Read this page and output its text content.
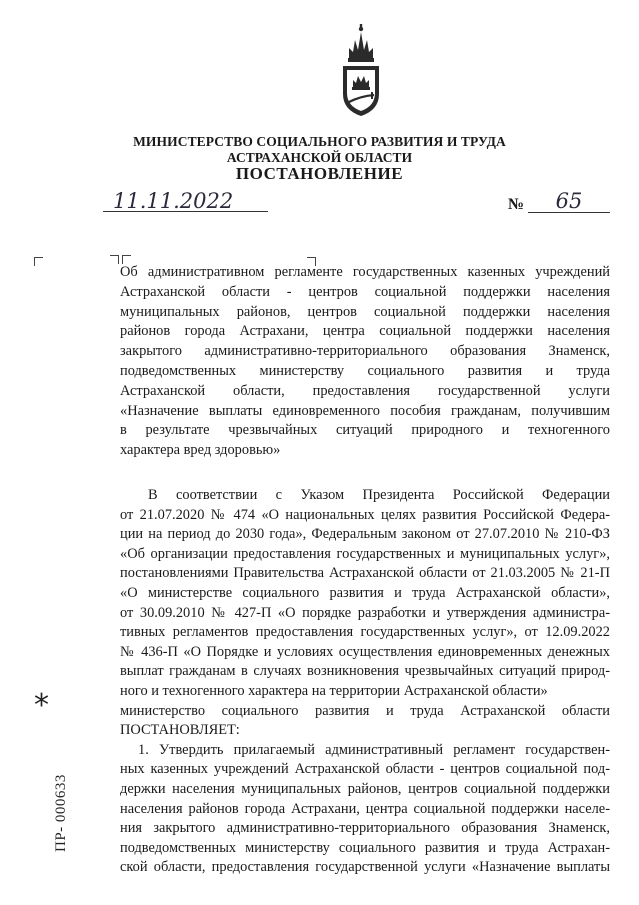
МИНИСТЕРСТВО СОЦИАЛЬНОГО РАЗВИТИЯ И ТРУДА
АСТРАХАНСКОЙ ОБЛАСТИ
ПОСТАНОВЛЕНИЕ
11.11.2022	№	65
Об административном регламенте государственных казенных учреждений
Астраханской области - центров социальной поддержки населения
муниципальных районов, центров социальной поддержки населения
районов города Астрахани, центра социальной поддержки населения
закрытого административно-территориального образования Знаменск,
подведомственных министерству социального развития и труда
Астраханской области, предоставления государственной услуги
«Назначение выплаты единовременного пособия гражданам, получившим
в результате чрезвычайных ситуаций природного и техногенного
характера вред здоровью»
В соответствии с Указом Президента Российской Федерации
от 21.07.2020 № 474 «О национальных целях развития Российской Федера-
ции на период до 2030 года», Федеральным законом от 27.07.2010 № 210-ФЗ
«Об организации предоставления государственных и муниципальных услуг»,
постановлениями Правительства Астраханской области от 21.03.2005 № 21-П
«О министерстве социального развития и труда Астраханской области»,
от 30.09.2010 № 427-П «О порядке разработки и утверждения администра-
тивных регламентов предоставления государственных услуг», от 12.09.2022
№ 436-П «О Порядке и условиях осуществления единовременных денежных
выплат гражданам в случаях возникновения чрезвычайных ситуаций природ-
ного и техногенного характера на территории Астраханской области»
министерство социального развития и труда Астраханской области
ПОСТАНОВЛЯЕТ:
1. Утвердить прилагаемый административный регламент государствен-
ных казенных учреждений Астраханской области - центров социальной под-
держки населения муниципальных районов, центров социальной поддержки
населения районов города Астрахани, центра социальной поддержки населе-
ния закрытого административно-территориального образования Знаменск,
подведомственных министерству социального развития и труда Астрахан-
ской области, предоставления государственной услуги «Назначение выплаты
*
ПР- 000633
